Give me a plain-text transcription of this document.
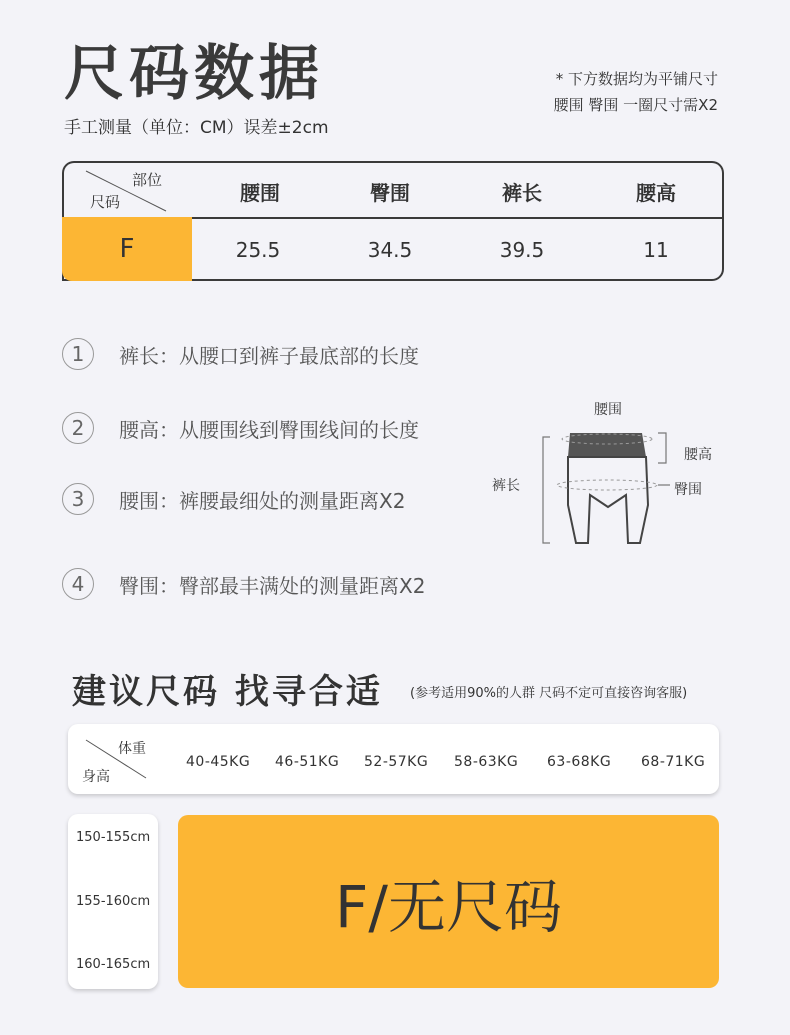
尺码数据
手工测量（单位：CM）误差±2cm
* 下方数据均为平铺尺寸
腰围 臀围 一圈尺寸需X2
部位
尺码	腰围	臀围	裤长	腰高
F	25.5	34.5	39.5	11
1	裤长：从腰口到裤子最底部的长度
2	腰高：从腰围线到臀围线间的长度
3	腰围：裤腰最细处的测量距离X2
4	臀围：臀部最丰满处的测量距离X2
腰围
腰高
臀围
裤长
建议尺码 找寻合适 (参考适用90%的人群 尺码不定可直接咨询客服)
体重
身高
40-45KG 46-51KG 52-57KG 58-63KG 63-68KG 68-71KG
150-155cm
155-160cm
160-165cm
F/无尺码
